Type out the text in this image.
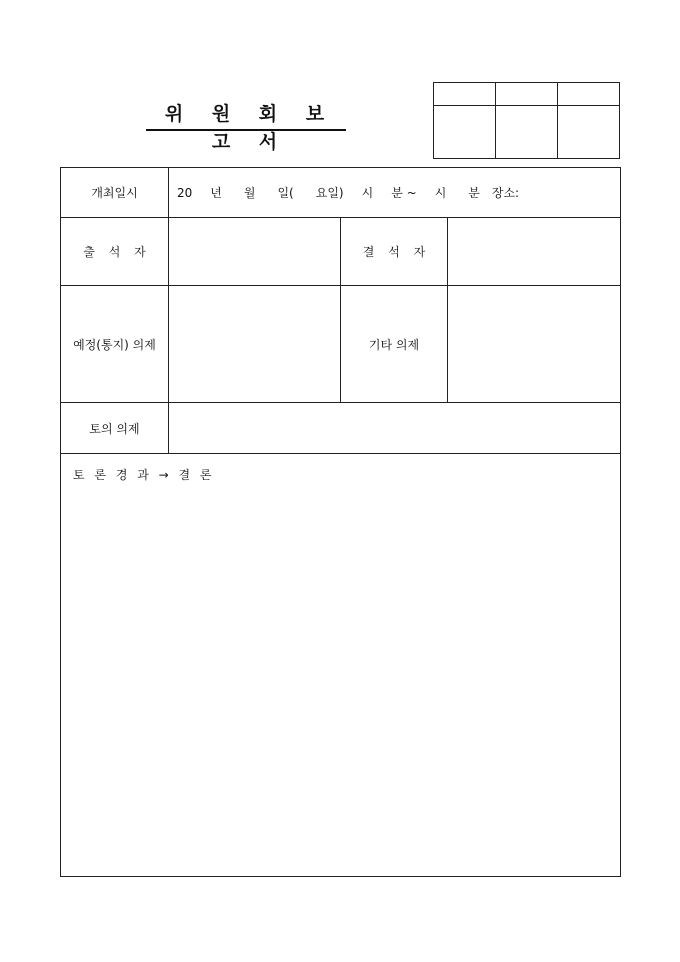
위 원 회 보 고 서

개최일시	20 년 월 일( 요일) 시 분 ~ 시 분 장소:		
출 석 자		결 석 자	
예정(통지) 의제		기타 의제	
토의 의제			
토 론 경 과 → 결 론			
